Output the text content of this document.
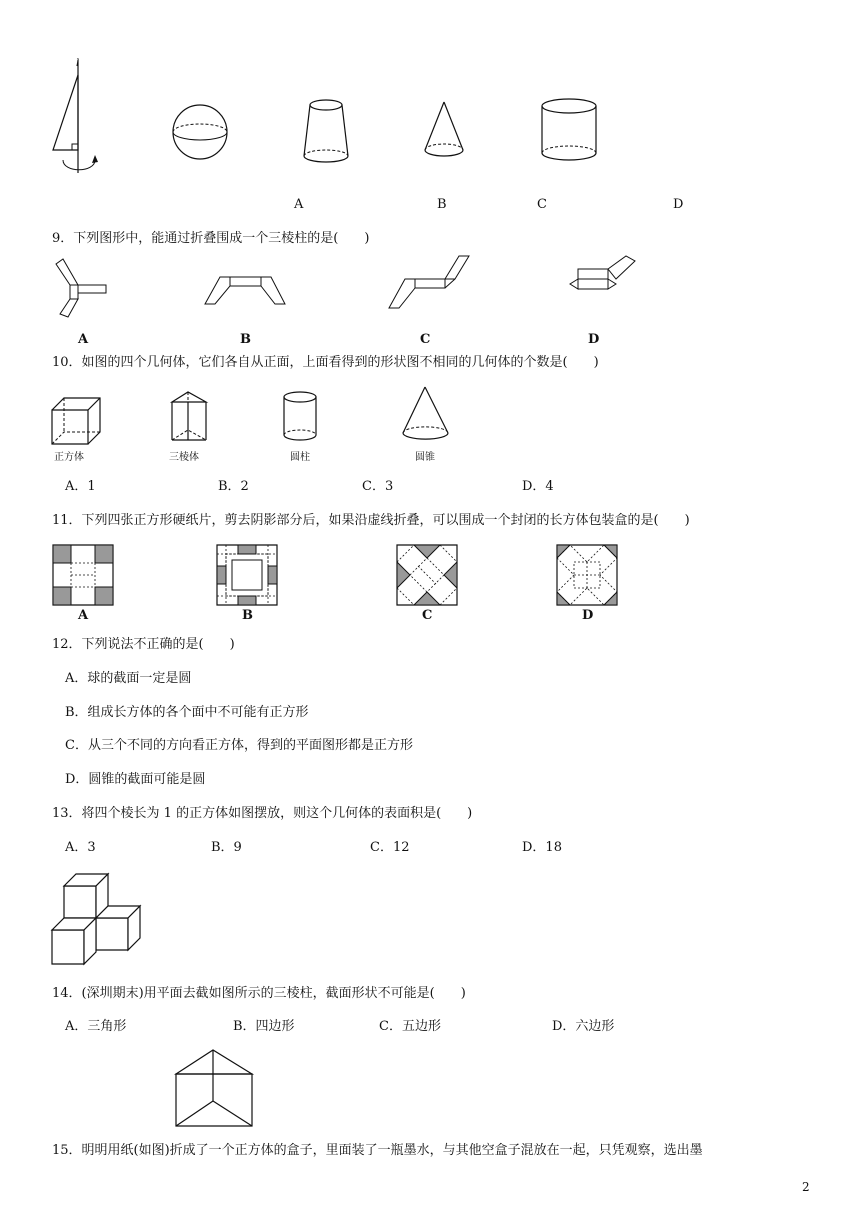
l
A	B	C	D
9．下列图形中，能通过折叠围成一个三棱柱的是(　　)
A	B	C	D
10．如图的四个几何体，它们各自从正面，上面看得到的形状图不相同的几何体的个数是(　　)
正方体	三棱体	圆柱	圆锥
A．1	B．2	C．3	D．4
11．下列四张正方形硬纸片，剪去阴影部分后，如果沿虚线折叠，可以围成一个封闭的长方体包装盒的是(　　)
A	B	C	D
12．下列说法不正确的是(　　)
A．球的截面一定是圆
B．组成长方体的各个面中不可能有正方形
C．从三个不同的方向看正方体，得到的平面图形都是正方形
D．圆锥的截面可能是圆
13．将四个棱长为 1 的正方体如图摆放，则这个几何体的表面积是(　　)
A．3	B．9	C．12	D．18
14．(深圳期末)用平面去截如图所示的三棱柱，截面形状不可能是(　　)
A．三角形	B．四边形	C．五边形	D．六边形
15．明明用纸(如图)折成了一个正方体的盒子，里面装了一瓶墨水，与其他空盒子混放在一起，只凭观察，选出墨
2
